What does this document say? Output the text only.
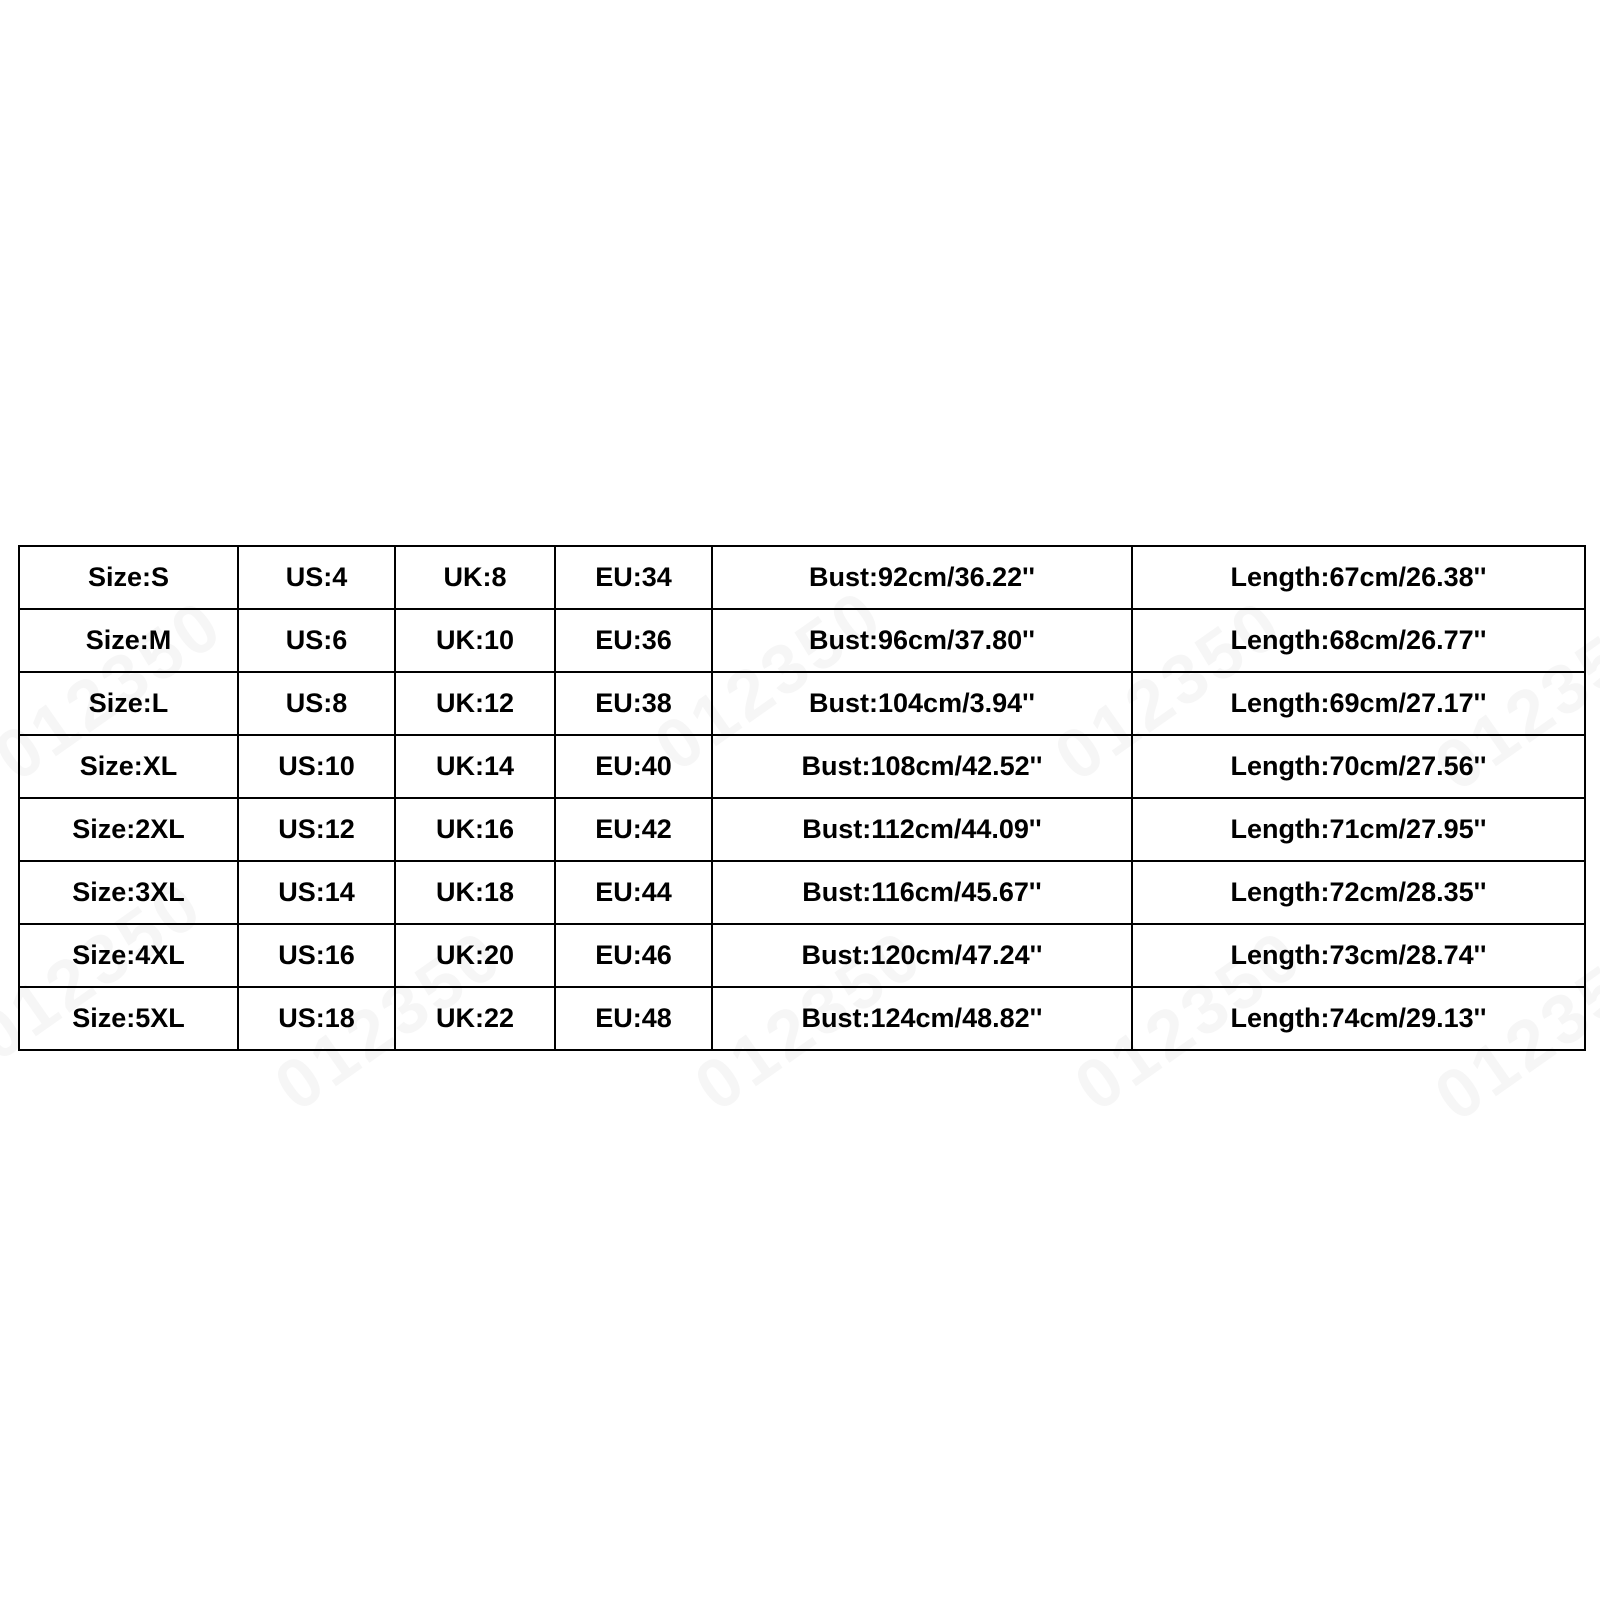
Size:S	US:4	UK:8	EU:34	Bust:92cm/36.22''	Length:67cm/26.38''
Size:M	US:6	UK:10	EU:36	Bust:96cm/37.80''	Length:68cm/26.77''
Size:L	US:8	UK:12	EU:38	Bust:104cm/3.94''	Length:69cm/27.17''
Size:XL	US:10	UK:14	EU:40	Bust:108cm/42.52''	Length:70cm/27.56''
Size:2XL	US:12	UK:16	EU:42	Bust:112cm/44.09''	Length:71cm/27.95''
Size:3XL	US:14	UK:18	EU:44	Bust:116cm/45.67''	Length:72cm/28.35''
Size:4XL	US:16	UK:20	EU:46	Bust:120cm/47.24''	Length:73cm/28.74''
Size:5XL	US:18	UK:22	EU:48	Bust:124cm/48.82''	Length:74cm/29.13''
